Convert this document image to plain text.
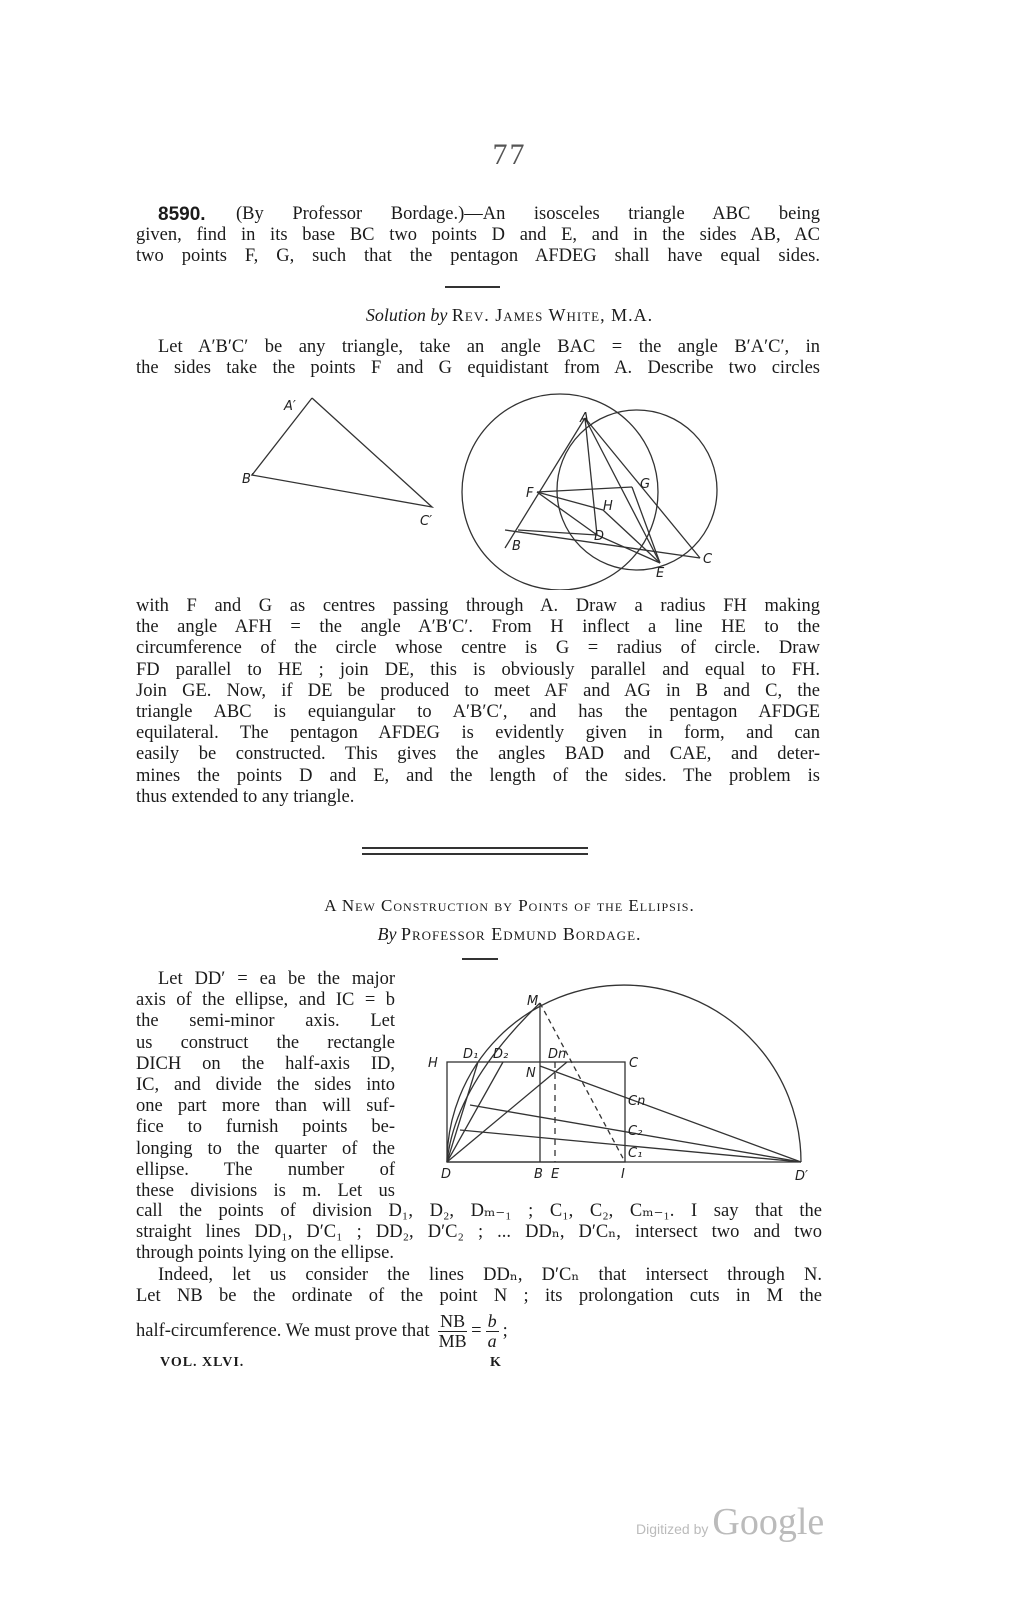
77
8590. (By Professor Bordage.)—An isosceles triangle ABC being
given, find in its base BC two points D and E, and in the sides AB, AC
two points F, G, such that the pentagon AFDEG shall have equal sides.
Solution by Rev. James White, M.A.
Let A′B′C′ be any triangle, take an angle BAC = the angle B′A′C′, in
the sides take the points F and G equidistant from A. Describe two circles
A′
B′
C′
A
F
G
H
B
D
E
C
with F and G as centres passing through A. Draw a radius FH making
the angle AFH = the angle A′B′C′. From H inflect a line HE to the
circumference of the circle whose centre is G = radius of circle. Draw
FD parallel to HE ; join DE, this is obviously parallel and equal to FH.
Join GE. Now, if DE be produced to meet AF and AG in B and C, the
triangle ABC is equiangular to A′B′C′, and has the pentagon AFDGE
equilateral. The pentagon AFDEG is evidently given in form, and can
easily be constructed. This gives the angles BAD and CAE, and deter-
mines the points D and E, and the length of the sides. The problem is
thus extended to any triangle.
A New Construction by Points of the Ellipsis.
By Professor Edmund Bordage.
Let DD′ = ea be the major
axis of the ellipse, and IC = b
the semi-minor axis. Let
us construct the rectangle
DICH on the half-axis ID,
IC, and divide the sides into
one part more than will suf-
fice to furnish points be-
longing to the quarter of the
ellipse. The number of
these divisions is m. Let us
M
H
D₁ D₂	Dn
C
N
Cn
C₂
C₁
D	B E	I	D′
call the points of division D₁, D₂, Dₘ₋₁ ; C₁, C₂, Cₘ₋₁. I say that the
straight lines DD₁, D′C₁ ; DD₂, D′C₂ ; ... DDₙ, D′Cₙ, intersect two and two
through points lying on the ellipse.
Indeed, let us consider the lines DDₙ, D′Cₙ that intersect through N.
Let NB be the ordinate of the point N ; its prolongation cuts in M the
half-circumference. We must prove that $\frac{NB}{MB} = \frac{b}{a}$ ;
VOL. XLVI.	K
Digitized by Google
